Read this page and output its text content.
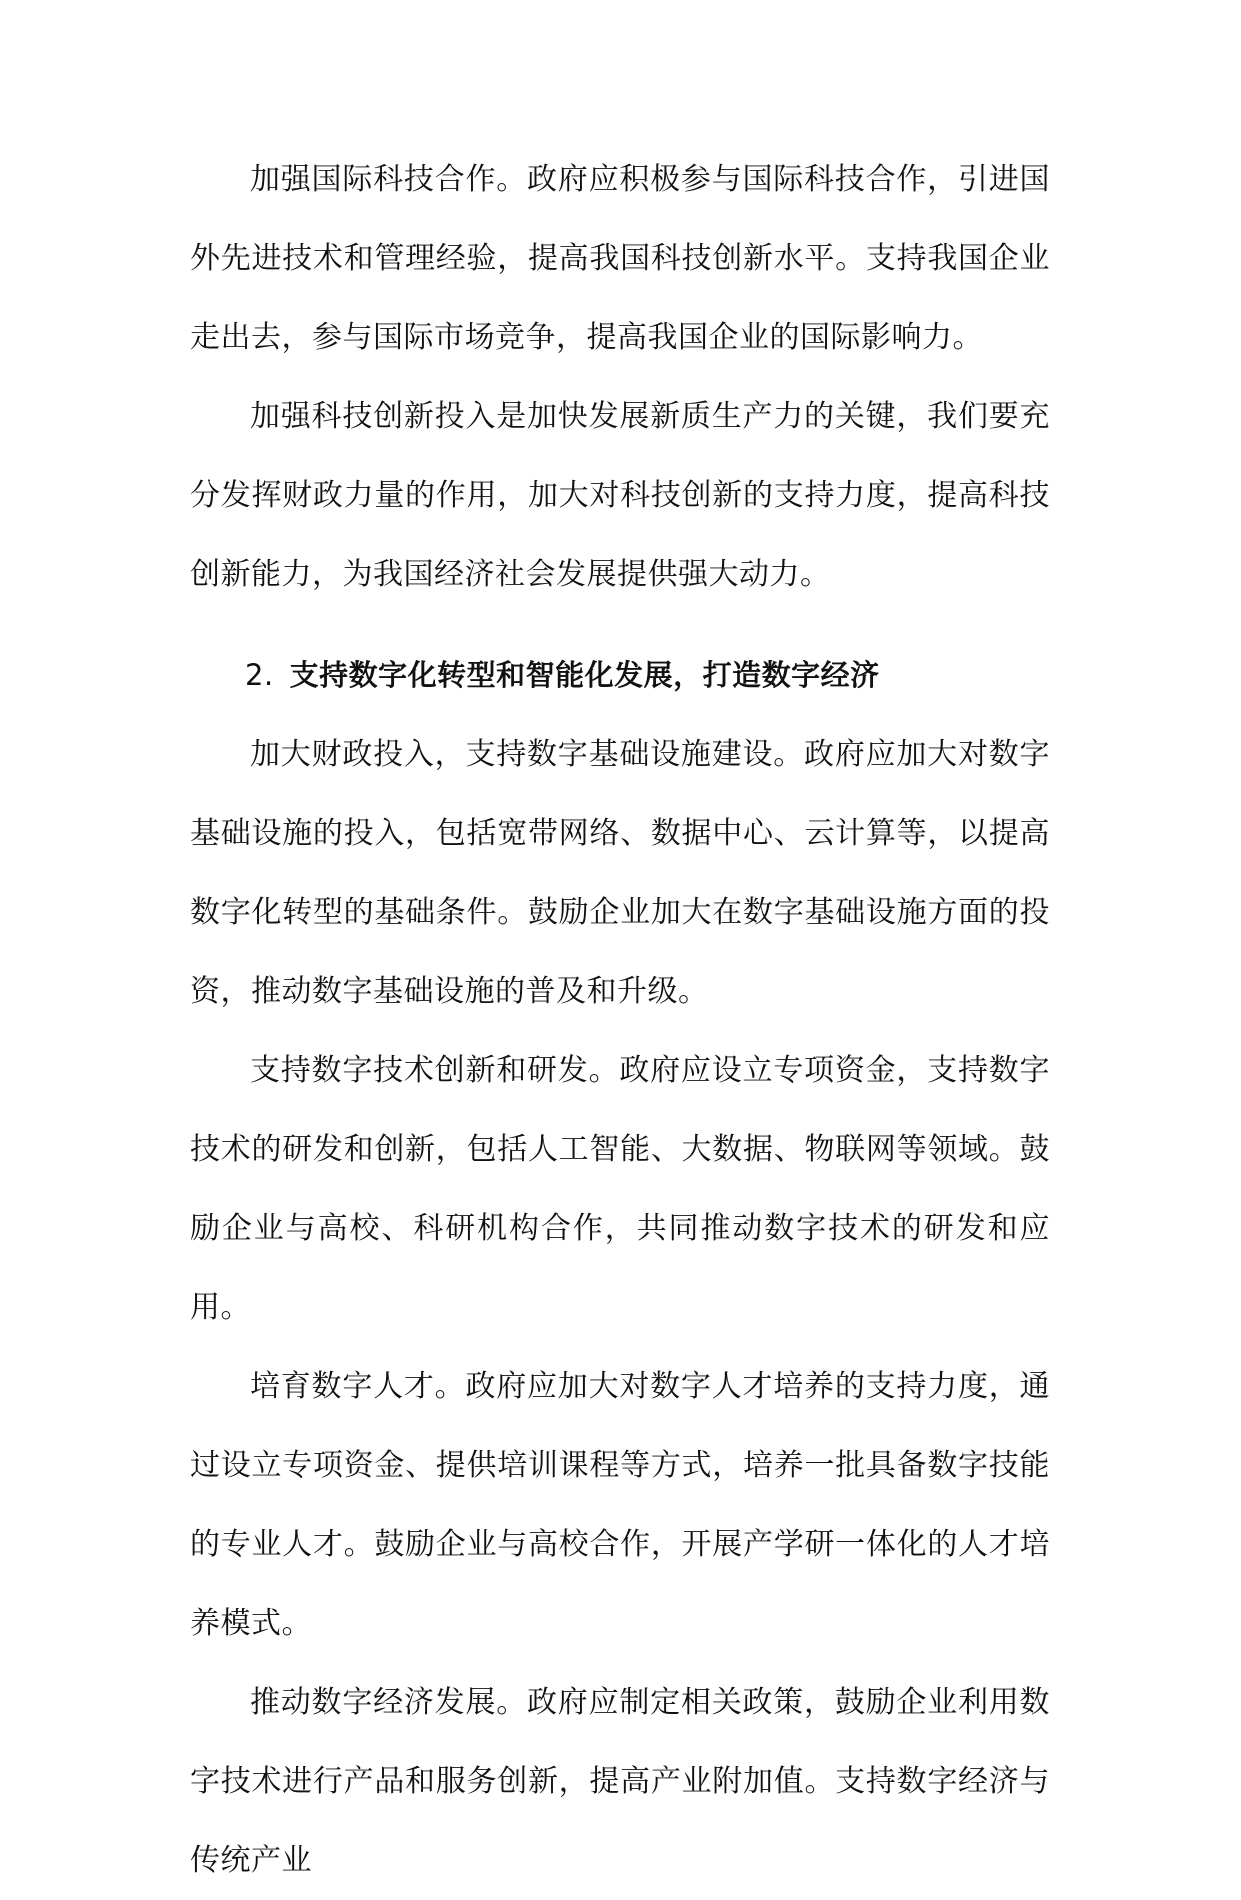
加强国际科技合作。政府应积极参与国际科技合作，引进国外先进技术和管理经验，提高我国科技创新水平。支持我国企业走出去，参与国际市场竞争，提高我国企业的国际影响力。

加强科技创新投入是加快发展新质生产力的关键，我们要充分发挥财政力量的作用，加大对科技创新的支持力度，提高科技创新能力，为我国经济社会发展提供强大动力。

2. 支持数字化转型和智能化发展，打造数字经济

加大财政投入，支持数字基础设施建设。政府应加大对数字基础设施的投入，包括宽带网络、数据中心、云计算等，以提高数字化转型的基础条件。鼓励企业加大在数字基础设施方面的投资，推动数字基础设施的普及和升级。

支持数字技术创新和研发。政府应设立专项资金，支持数字技术的研发和创新，包括人工智能、大数据、物联网等领域。鼓励企业与高校、科研机构合作，共同推动数字技术的研发和应用。

培育数字人才。政府应加大对数字人才培养的支持力度，通过设立专项资金、提供培训课程等方式，培养一批具备数字技能的专业人才。鼓励企业与高校合作，开展产学研一体化的人才培养模式。

推动数字经济发展。政府应制定相关政策，鼓励企业利用数字技术进行产品和服务创新，提高产业附加值。支持数字经济与传统产业
